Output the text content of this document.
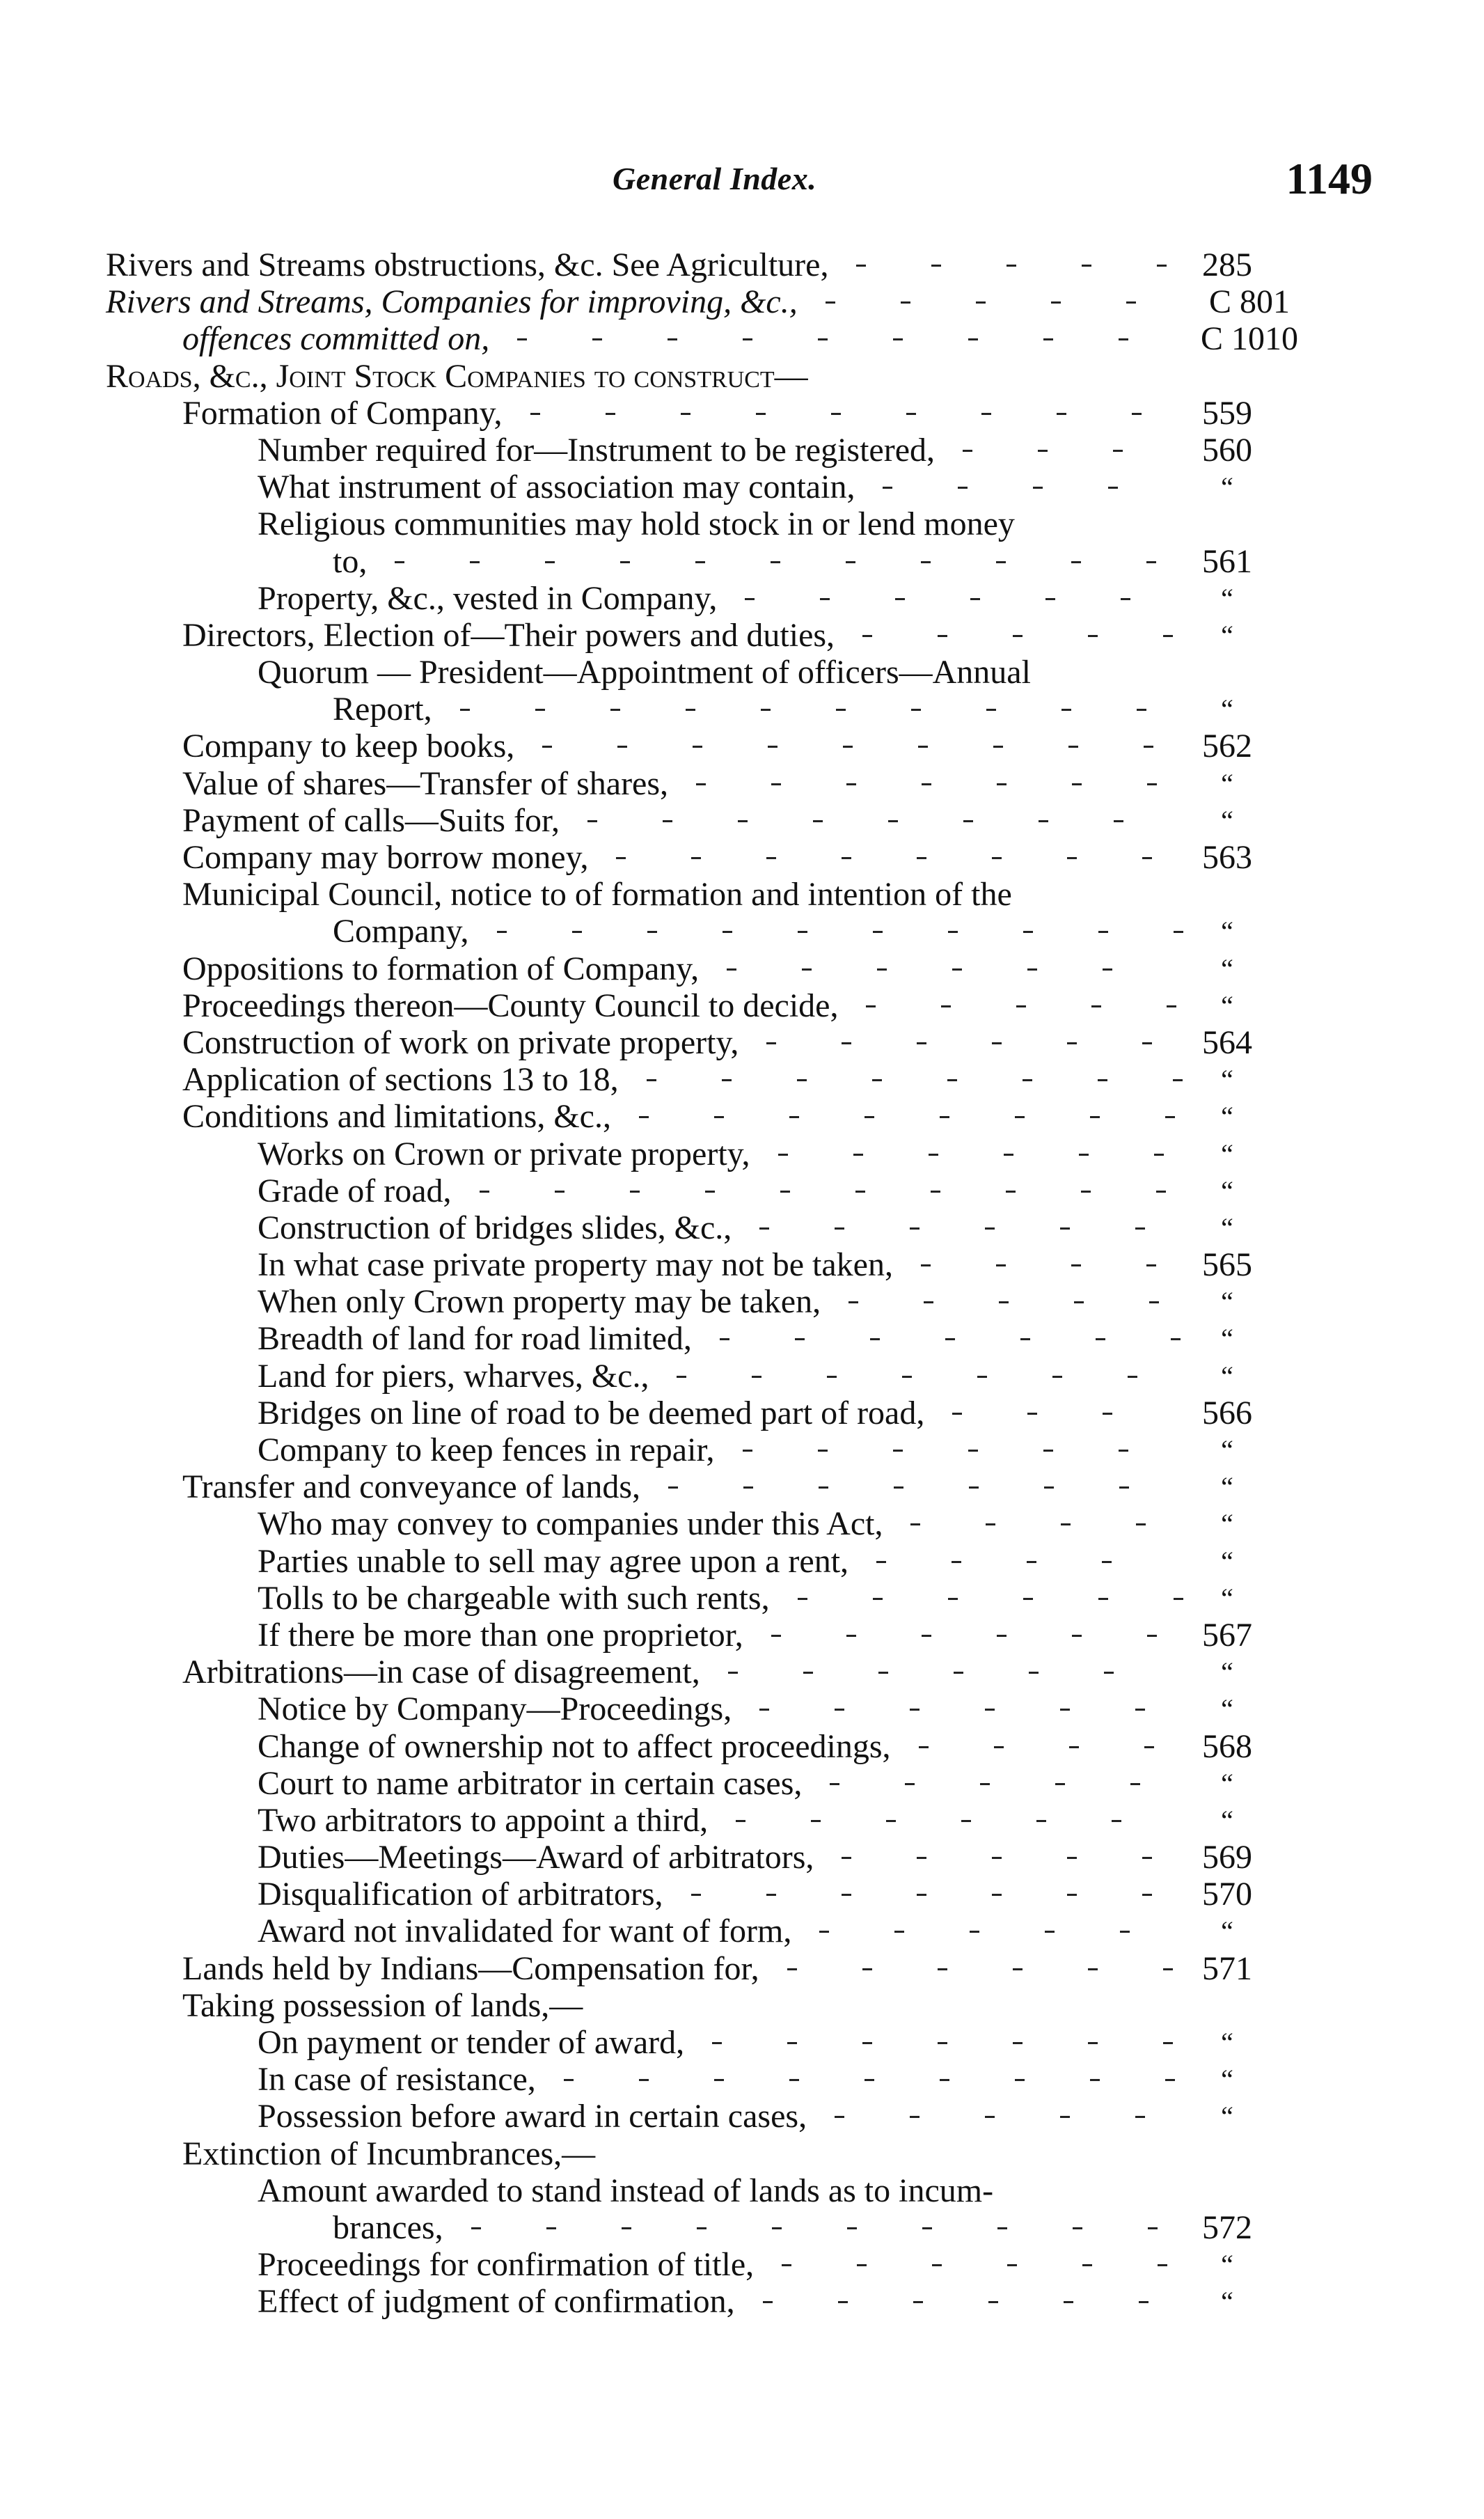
General Index.	1149
Rivers and Streams obstructions, &c. See Agriculture,	285
Rivers and Streams, Companies for improving, &c.,	C 801
offences committed on,	C 1010
Roads, &c., Joint Stock Companies to construct—
Formation of Company,	559
Number required for—Instrument to be registered,	560
What instrument of association may contain,	“
Religious communities may hold stock in or lend money
to,	561
Property, &c., vested in Company,	“
Directors, Election of—Their powers and duties,	“
Quorum — President—Appointment of officers—Annual
Report,	“
Company to keep books,	562
Value of shares—Transfer of shares,	“
Payment of calls—Suits for,	“
Company may borrow money,	563
Municipal Council, notice to of formation and intention of the
Company,	“
Oppositions to formation of Company,	“
Proceedings thereon—County Council to decide,	“
Construction of work on private property,	564
Application of sections 13 to 18,	“
Conditions and limitations, &c.,	“
Works on Crown or private property,	“
Grade of road,	“
Construction of bridges slides, &c.,	“
In what case private property may not be taken,	565
When only Crown property may be taken,	“
Breadth of land for road limited,	“
Land for piers, wharves, &c.,	“
Bridges on line of road to be deemed part of road,	566
Company to keep fences in repair,	“
Transfer and conveyance of lands,	“
Who may convey to companies under this Act,	“
Parties unable to sell may agree upon a rent,	“
Tolls to be chargeable with such rents,	“
If there be more than one proprietor,	567
Arbitrations—in case of disagreement,	“
Notice by Company—Proceedings,	“
Change of ownership not to affect proceedings,	568
Court to name arbitrator in certain cases,	“
Two arbitrators to appoint a third,	“
Duties—Meetings—Award of arbitrators,	569
Disqualification of arbitrators,	570
Award not invalidated for want of form,	“
Lands held by Indians—Compensation for,	571
Taking possession of lands,—
On payment or tender of award,	“
In case of resistance,	“
Possession before award in certain cases,	“
Extinction of Incumbrances,—
Amount awarded to stand instead of lands as to incum-
brances,	572
Proceedings for confirmation of title,	“
Effect of judgment of confirmation,	“
